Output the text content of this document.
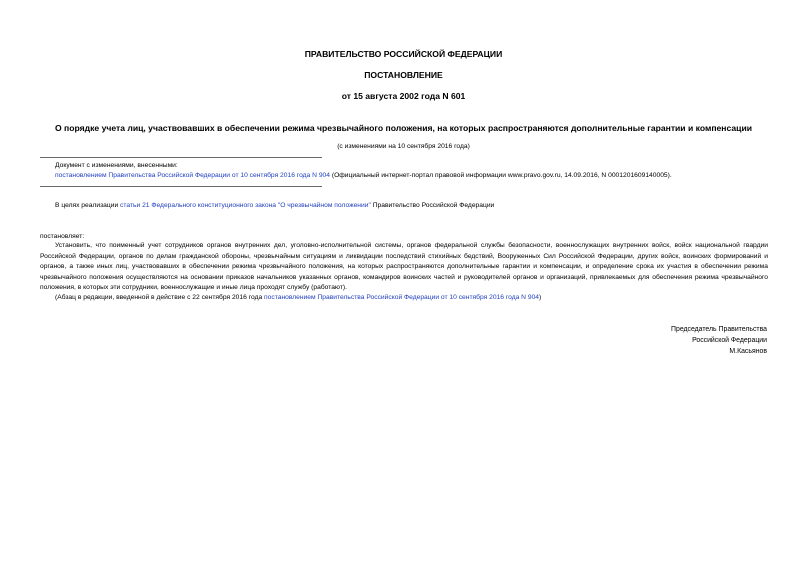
ПРАВИТЕЛЬСТВО РОССИЙСКОЙ ФЕДЕРАЦИИ
ПОСТАНОВЛЕНИЕ
от 15 августа 2002 года N 601
О порядке учета лиц, участвовавших в обеспечении режима чрезвычайного положения, на которых распространяются дополнительные гарантии и компенсации
(с изменениями на 10 сентября 2016 года)
Документ с изменениями, внесенными:
постановлением Правительства Российской Федерации от 10 сентября 2016 года N 904 (Официальный интернет-портал правовой информации www.pravo.gov.ru, 14.09.2016, N 0001201609140005).
В целях реализации статьи 21 Федерального конституционного закона "О чрезвычайном положении" Правительство Российской Федерации
постановляет:
Установить, что поименный учет сотрудников органов внутренних дел, уголовно-исполнительной системы, органов федеральной службы безопасности, военнослужащих внутренних войск, войск национальной гвардии Российской Федерации, органов по делам гражданской обороны, чрезвычайным ситуациям и ликвидации последствий стихийных бедствий, Вооруженных Сил Российской Федерации, других войск, воинских формирований и органов, а также иных лиц, участвовавших в обеспечении режима чрезвычайного положения, на которых распространяются дополнительные гарантии и компенсации, и определение срока их участия в обеспечении режима чрезвычайного положения осуществляются на основании приказов начальников указанных органов, командиров воинских частей и руководителей органов и организаций, привлекаемых для обеспечения режима чрезвычайного положения, в которых эти сотрудники, военнослужащие и иные лица проходят службу (работают).
(Абзац в редакции, введенной в действие с 22 сентября 2016 года постановлением Правительства Российской Федерации от 10 сентября 2016 года N 904)
Председатель Правительства
Российской Федерации
М.Касьянов
